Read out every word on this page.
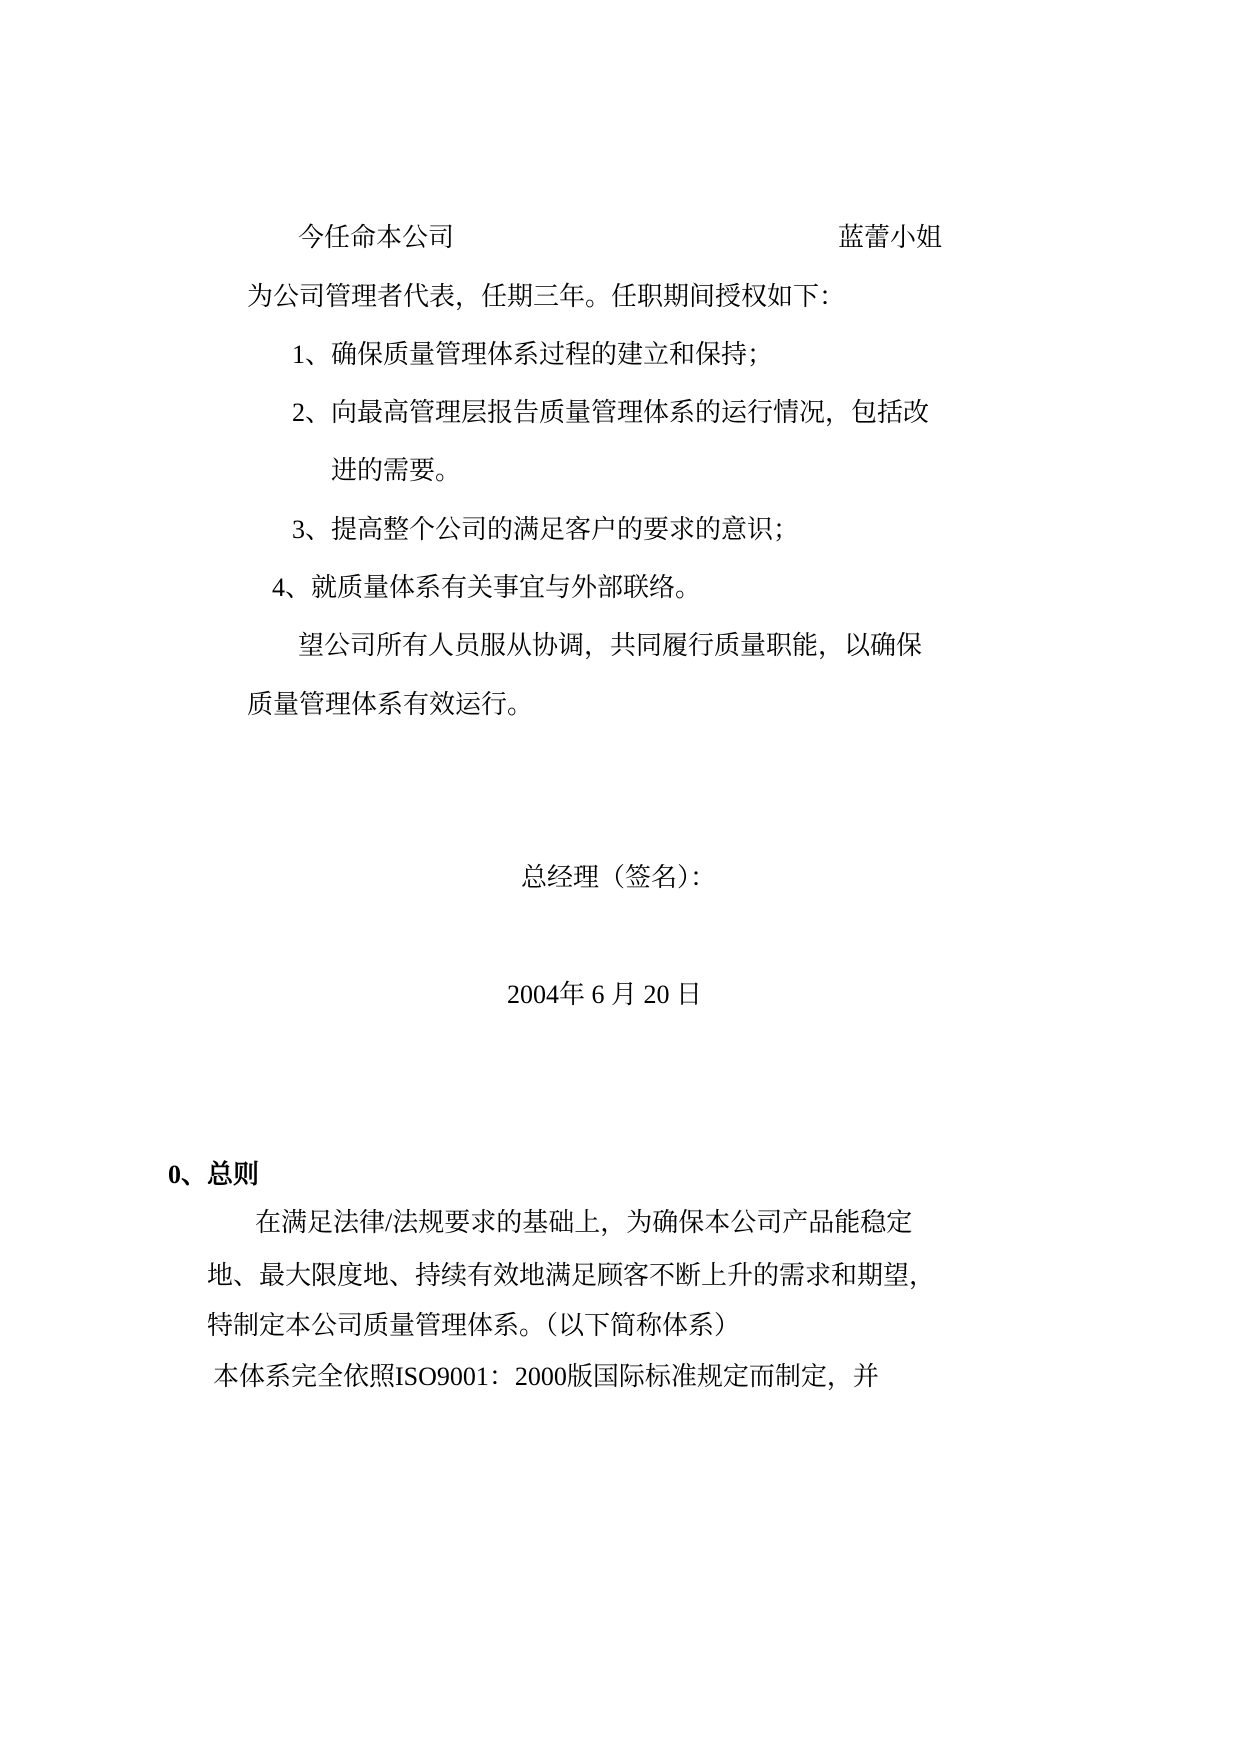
今任命本公司	蓝蕾小姐
为公司管理者代表，任期三年。任职期间授权如下：
1、确保质量管理体系过程的建立和保持；
2、向最高管理层报告质量管理体系的运行情况，包括改
进的需要。
3、提高整个公司的满足客户的要求的意识；
4、就质量体系有关事宜与外部联络。
望公司所有人员服从协调，共同履行质量职能，以确保
质量管理体系有效运行。
总经理（签名）：
2004年 6 月 20 日
0、总则
在满足法律/法规要求的基础上，为确保本公司产品能稳定
地、最大限度地、持续有效地满足顾客不断上升的需求和期望，
特制定本公司质量管理体系。（以下简称体系）
本体系完全依照ISO9001：2000版国际标准规定而制定，并
